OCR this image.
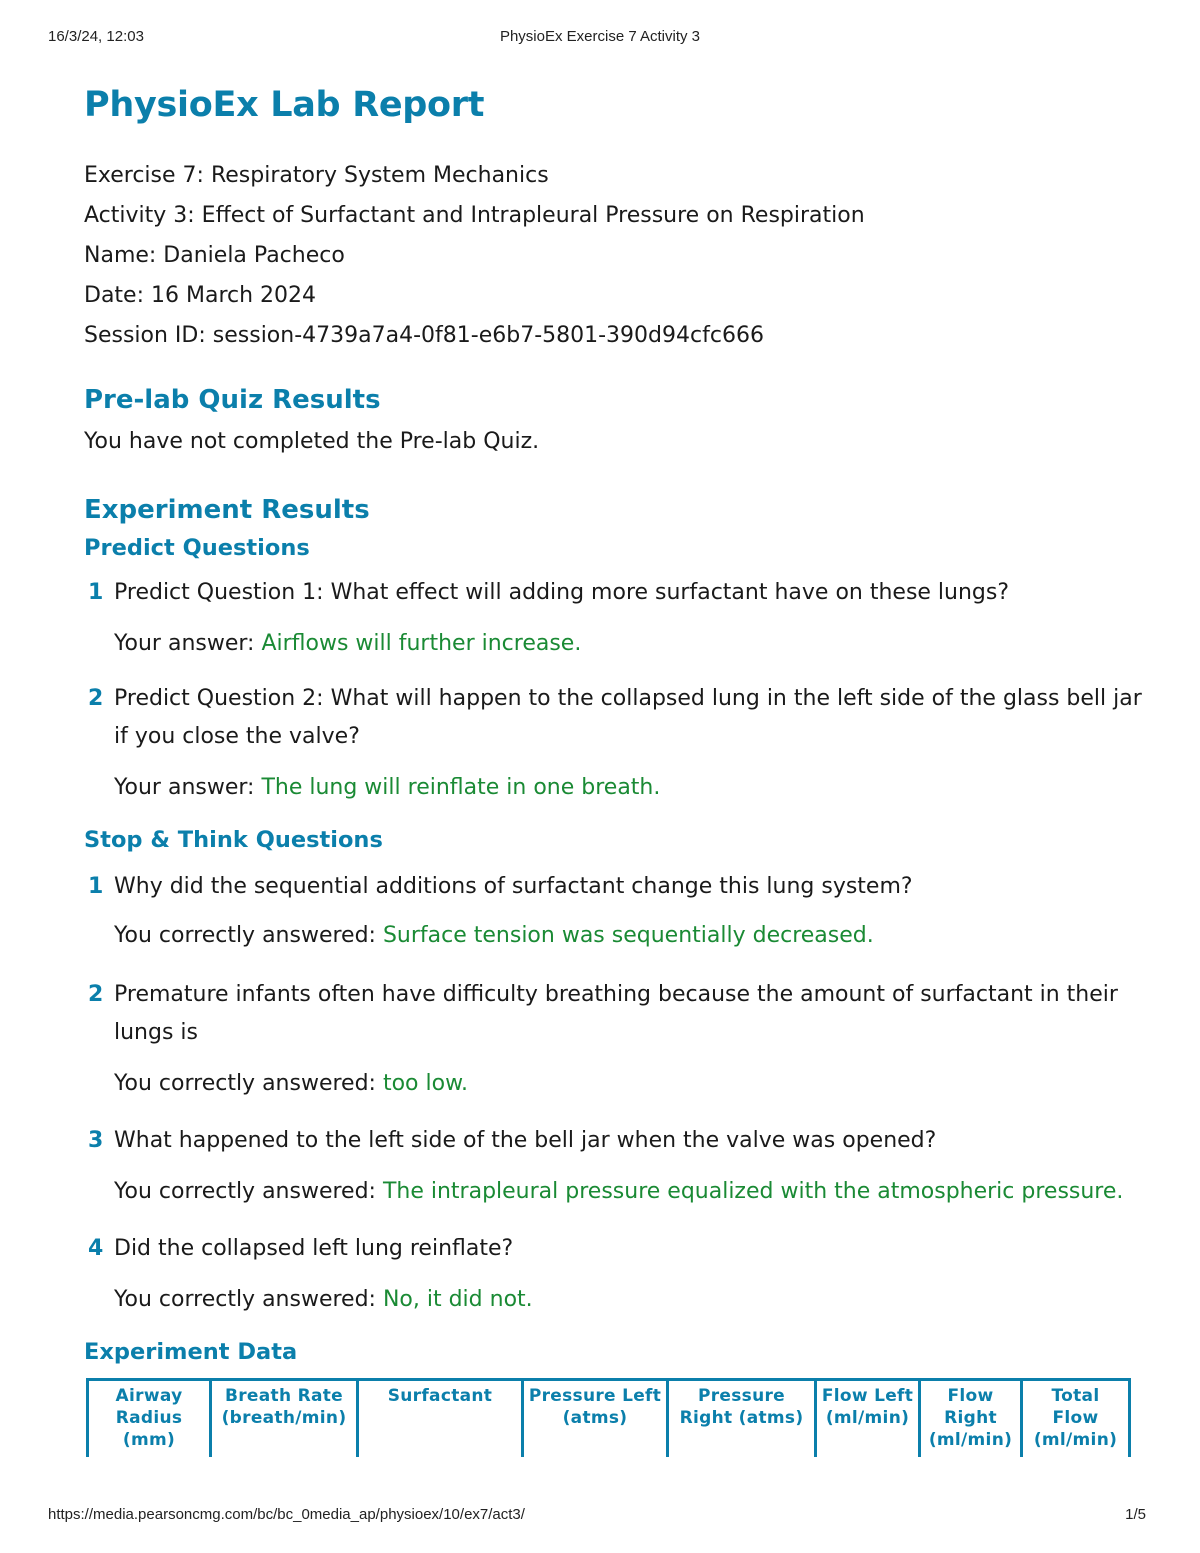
16/3/24, 12:03	PhysioEx Exercise 7 Activity 3
PhysioEx Lab Report

Exercise 7: Respiratory System Mechanics

Activity 3: Effect of Surfactant and Intrapleural Pressure on Respiration

Name: Daniela Pacheco

Date: 16 March 2024

Session ID: session-4739a7a4-0f81-e6b7-5801-390d94cfc666

Pre-lab Quiz Results

You have not completed the Pre-lab Quiz.

Experiment Results
Predict Questions
1 Predict Question 1: What effect will adding more surfactant have on these lungs?
Your answer: Airflows will further increase.
2 Predict Question 2: What will happen to the collapsed lung in the left side of the glass bell jar if you close the valve?
Your answer: The lung will reinflate in one breath.
Stop & Think Questions
1 Why did the sequential additions of surfactant change this lung system?
You correctly answered: Surface tension was sequentially decreased.
2 Premature infants often have difficulty breathing because the amount of surfactant in their lungs is
You correctly answered: too low.
3 What happened to the left side of the bell jar when the valve was opened?
You correctly answered: The intrapleural pressure equalized with the atmospheric pressure.
4 Did the collapsed left lung reinflate?
You correctly answered: No, it did not.
Experiment Data
Airway Radius (mm)	Breath Rate (breath/min)	Surfactant	Pressure Left (atms)	Pressure Right (atms)	Flow Left (ml/min)	Flow Right (ml/min)	Total Flow (ml/min)
https://media.pearsoncmg.com/bc/bc_0media_ap/physioex/10/ex7/act3/	1/5
